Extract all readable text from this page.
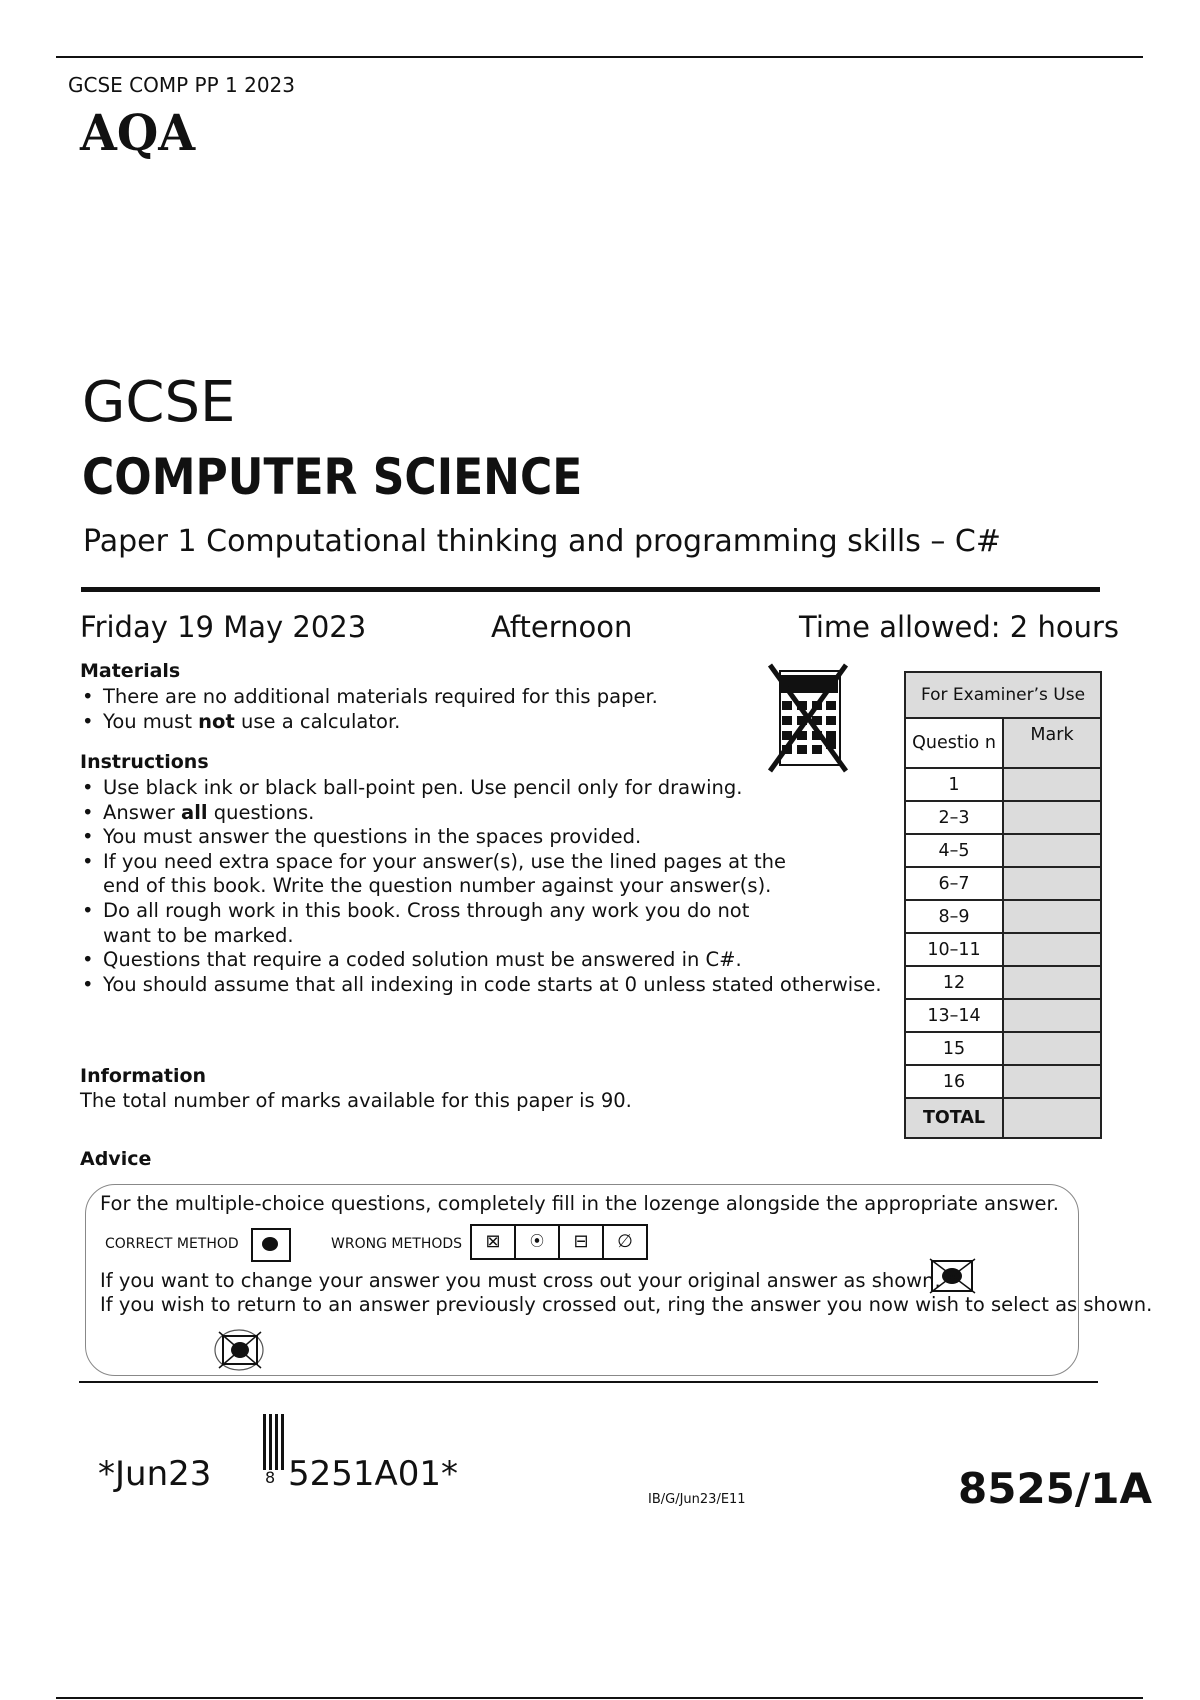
GCSE COMP PP 1 2023
AQA
GCSE
COMPUTER SCIENCE
Paper 1 Computational thinking and programming skills – C#
Friday 19 May 2023	Afternoon	Time allowed: 2 hours
Materials
• There are no additional materials required for this paper.
• You must not use a calculator.
Instructions
• Use black ink or black ball-point pen. Use pencil only for drawing.
• Answer all questions.
• You must answer the questions in the spaces provided.
• If you need extra space for your answer(s), use the lined pages at the end of this book. Write the question number against your answer(s).
• Do all rough work in this book. Cross through any work you do not want to be marked.
• Questions that require a coded solution must be answered in C#.
• You should assume that all indexing in code starts at 0 unless stated otherwise.
Information
The total number of marks available for this paper is 90.
Advice
For the multiple-choice questions, completely fill in the lozenge alongside the appropriate answer.
CORRECT METHOD	WRONG METHODS	⊠	⦿	⊟	∅
If you want to change your answer you must cross out your original answer as shown.
If you wish to return to an answer previously crossed out, ring the answer you now wish to select as shown.
For Examiner’s Use	
Questio n	Mark
1	
2–3	
4–5	
6–7	
8–9	
10–11	
12	
13–14	
15	
16	
TOTAL	
*Jun23	8 5251A01*
IB/G/Jun23/E11	8525/1A
